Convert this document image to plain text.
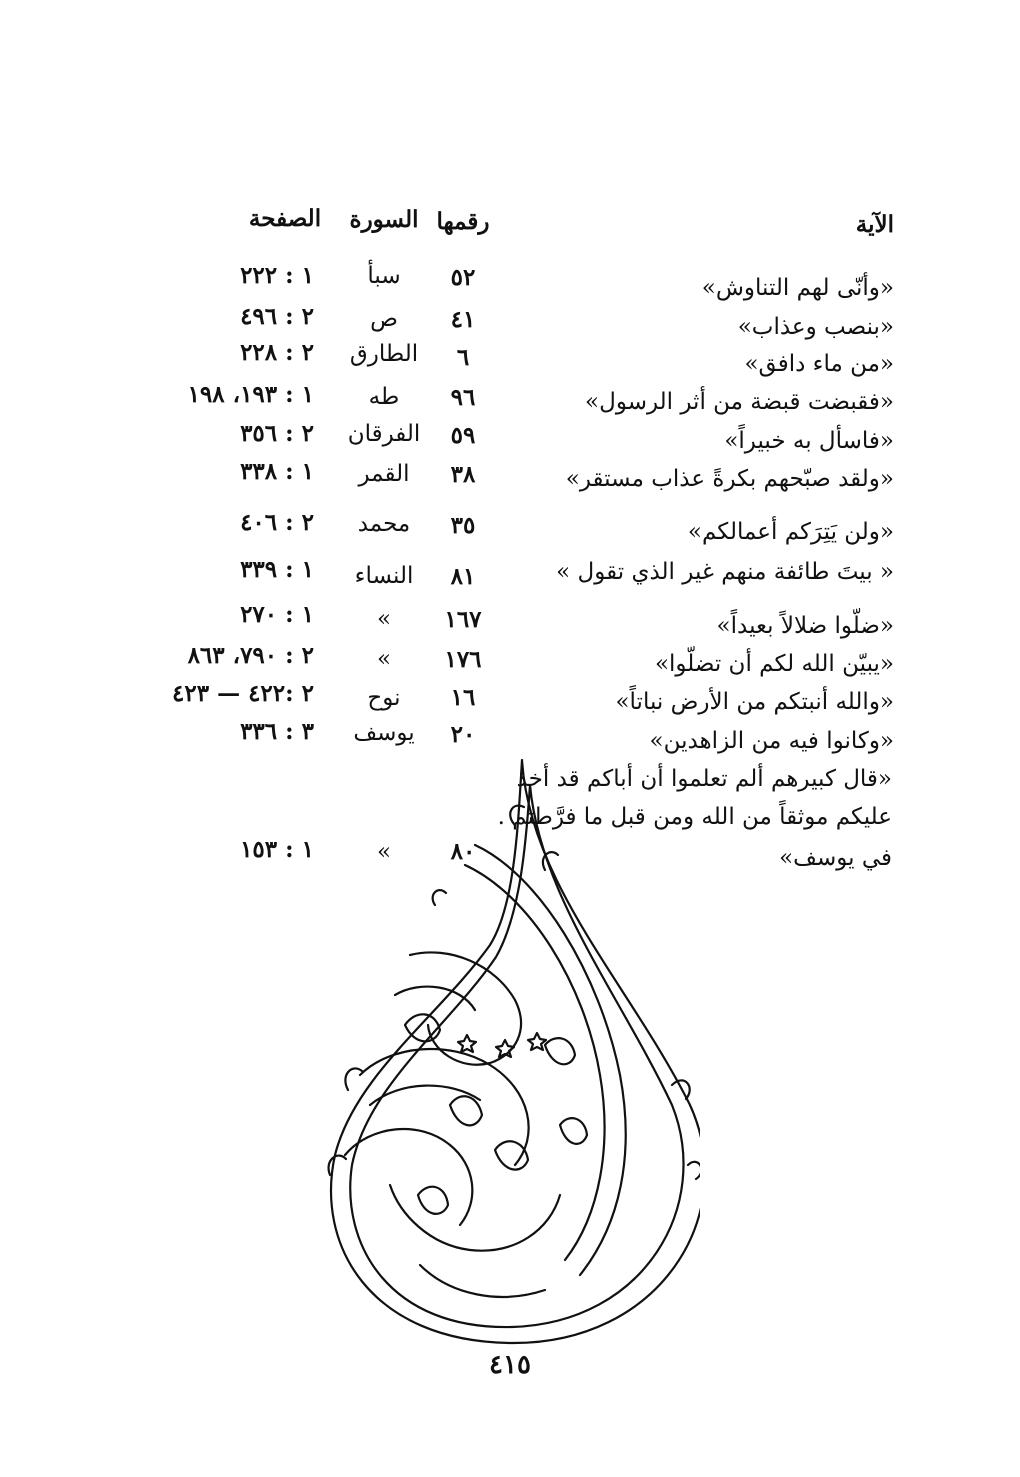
الآية
رقمها
السورة
الصفحة
«وأنّى لهم التناوش»
٥٢
سبأ
١ : ٢٢٢
«بنصب وعذاب»
٤١
ص
٢ : ٤٩٦
«من ماء دافق»
٦
الطارق
٢ : ٢٢٨
«فقبضت قبضة من أثر الرسول»
٩٦
طه
١ : ١٩٣، ١٩٨
«فاسأل به خبيراً»
٥٩
الفرقان
٢ : ٣٥٦
«ولقد صبّحهم بكرةً عذاب مستقر»
٣٨
القمر
١ : ٣٣٨
«ولن يَتِرَكم أعمالكم»
٣٥
محمد
٢ : ٤٠٦
« بيتَ طائفة منهم غير الذي تقول »
٨١
النساء
١ : ٣٣٩
«ضلّوا ضلالاً بعيداً»
١٦٧
»
١ : ٢٧٠
«يبيّن الله لكم أن تضلّوا»
١٧٦
»
٢ : ٧٩٠، ٨٦٣
«والله أنبتكم من الأرض نباتاً»
١٦
نوح
٢ :٤٢٢ — ٤٢٣
«وكانوا فيه من الزاهدين»
٢٠
يوسف
٣ : ٣٣٦
«قال كبيرهم ألم تعلموا أن أباكم قد أخذ
عليكم موثقاً من الله ومن قبل ما فرَّطتم .
في يوسف»
٨٠
»
١ : ١٥٣
٤١٥
